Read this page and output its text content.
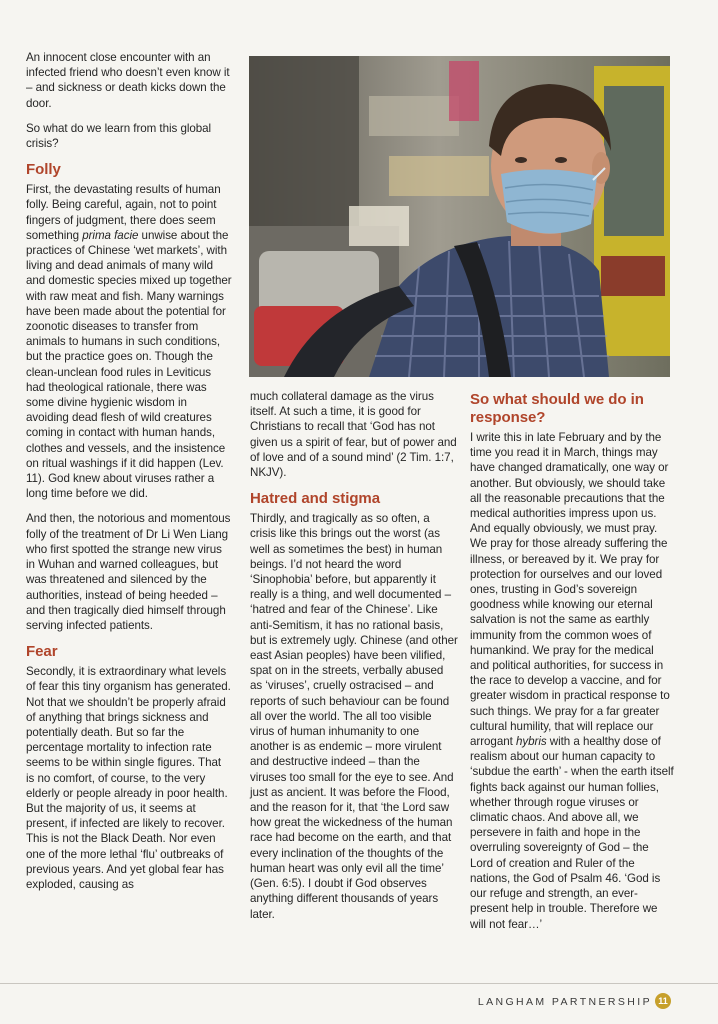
An innocent close encounter with an infected friend who doesn’t even know it – and sickness or death kicks down the door.

So what do we learn from this global crisis?

Folly

First, the devastating results of human folly. Being careful, again, not to point fingers of judgment, there does seem something prima facie unwise about the practices of Chinese ‘wet markets’, with living and dead animals of many wild and domestic species mixed up together with raw meat and fish. Many warnings have been made about the potential for zoonotic diseases to transfer from animals to humans in such conditions, but the practice goes on. Though the clean-unclean food rules in Leviticus had theological rationale, there was some divine hygienic wisdom in avoiding dead flesh of wild creatures coming in contact with human hands, clothes and vessels, and the insistence on ritual washings if it did happen (Lev. 11). God knew about viruses rather a long time before we did.

And then, the notorious and momentous folly of the treatment of Dr Li Wen Liang who first spotted the strange new virus in Wuhan and warned colleagues, but was threatened and silenced by the authorities, instead of being heeded – and then tragically died himself through serving infected patients.

Fear

Secondly, it is extraordinary what levels of fear this tiny organism has generated. Not that we shouldn’t be properly afraid of anything that brings sickness and potentially death. But so far the percentage mortality to infection rate seems to be within single figures. That is no comfort, of course, to the very elderly or people already in poor health. But the majority of us, it seems at present, if infected are likely to recover. This is not the Black Death. Nor even one of the more lethal ‘flu’ outbreaks of previous years. And yet global fear has exploded, causing as

much collateral damage as the virus itself. At such a time, it is good for Christians to recall that ‘God has not given us a spirit of fear, but of power and of love and of a sound mind’ (2 Tim. 1:7, NKJV).

Hatred and stigma

Thirdly, and tragically as so often, a crisis like this brings out the worst (as well as sometimes the best) in human beings. I’d not heard the word ‘Sinophobia’ before, but apparently it really is a thing, and well documented – ‘hatred and fear of the Chinese’. Like anti-Semitism, it has no rational basis, but is extremely ugly. Chinese (and other east Asian peoples) have been vilified, spat on in the streets, verbally abused as ‘viruses’, cruelly ostracised – and reports of such behaviour can be found all over the world. The all too visible virus of human inhumanity to one another is as endemic – more virulent and destructive indeed – than the viruses too small for the eye to see. And just as ancient. It was before the Flood, and the reason for it, that ‘the Lord saw how great the wickedness of the human race had become on the earth, and that every inclination of the thoughts of the human heart was only evil all the time’ (Gen. 6:5). I doubt if God observes anything different thousands of years later.

So what should we do in response?

I write this in late February and by the time you read it in March, things may have changed dramatically, one way or another. But obviously, we should take all the reasonable precautions that the medical authorities impress upon us. And equally obviously, we must pray. We pray for those already suffering the illness, or bereaved by it. We pray for protection for ourselves and our loved ones, trusting in God’s sovereign goodness while knowing our eternal salvation is not the same as earthly immunity from the common woes of humankind. We pray for the medical and political authorities, for success in the race to develop a vaccine, and for greater wisdom in practical response to such things. We pray for a far greater cultural humility, that will replace our arrogant hybris with a healthy dose of realism about our human capacity to ‘subdue the earth’ - when the earth itself fights back against our human follies, whether through rogue viruses or climatic chaos. And above all, we persevere in faith and hope in the overruling sovereignty of God – the Lord of creation and Ruler of the nations, the God of Psalm 46. ‘God is our refuge and strength, an ever-present help in trouble. Therefore we will not fear…’

LANGHAM PARTNERSHIP 11
